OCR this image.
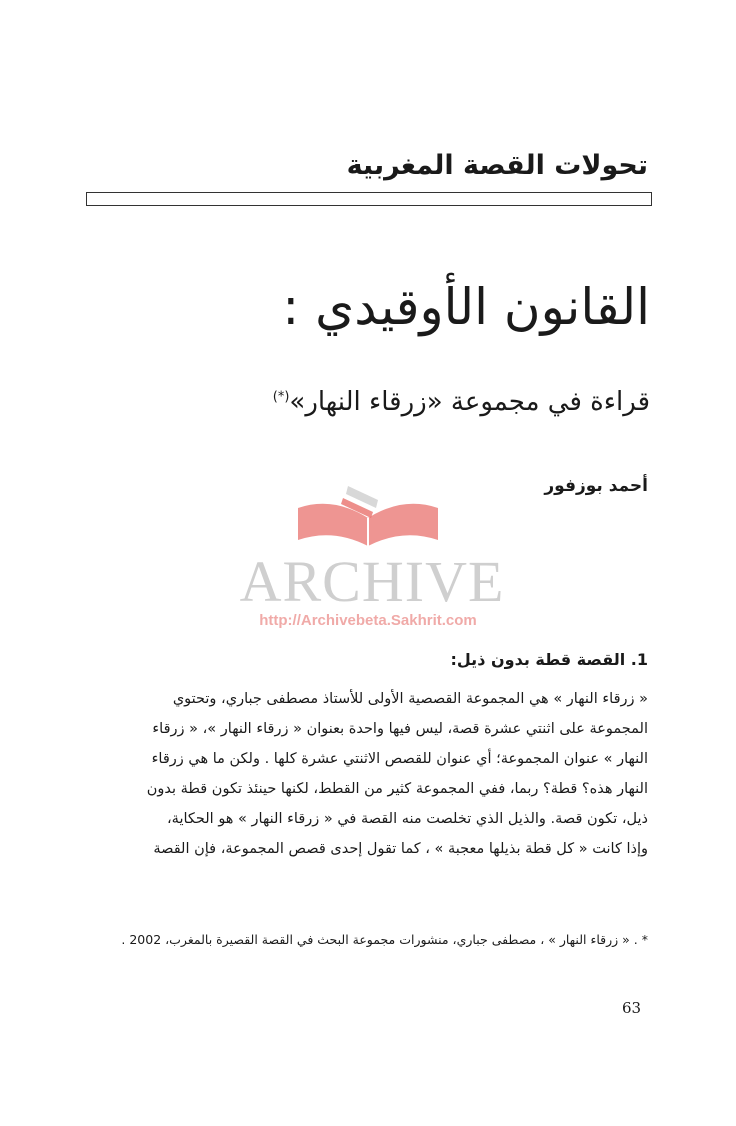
تحولات القصة المغربية
القانون الأوقيدي :
قراءة في مجموعة «زرقاء النهار»(*)
أحمد بوزفور
ARCHIVE
http://Archivebeta.Sakhrit.com
1. القصة قطة بدون ذيل:
« زرقاء النهار » هي المجموعة القصصية الأولى للأستاذ مصطفى جباري، وتحتوي
المجموعة على اثنتي عشرة قصة، ليس فيها واحدة بعنوان « زرقاء النهار »، « زرقاء
النهار » عنوان المجموعة؛ أي عنوان للقصص الاثنتي عشرة كلها . ولكن ما هي زرقاء
النهار هذه؟ قطة؟ ربما، ففي المجموعة كثير من القطط، لكنها حينئذ تكون قطة بدون
ذيل، تكون قصة. والذيل الذي تخلصت منه القصة في « زرقاء النهار » هو الحكاية،
وإذا كانت « كل قطة بذيلها معجبة » ، كما تقول إحدى قصص المجموعة، فإن القصة
* . « زرقاء النهار » ، مصطفى جباري، منشورات مجموعة البحث في القصة القصيرة بالمغرب، 2002 .
63
